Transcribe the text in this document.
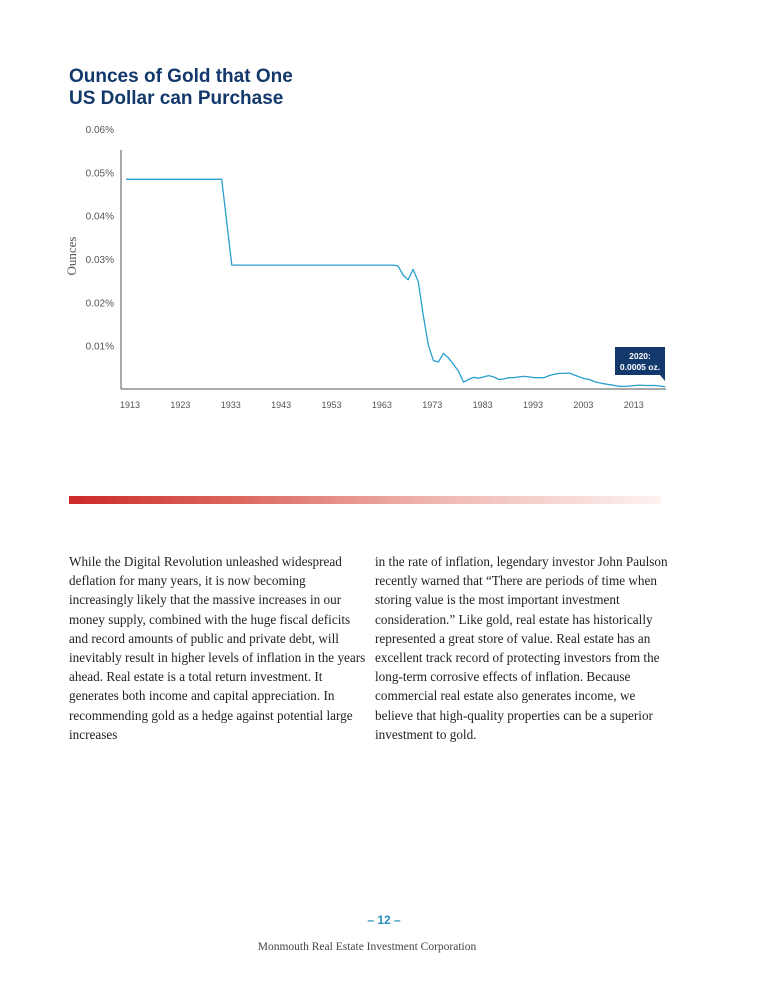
Ounces of Gold that One
US Dollar can Purchase
0.06%
0.05%
0.04%
0.03%
0.02%
0.01%
1913	1923	1933	1943	1953	1963	1973	1983	1993	2003	2013
Ounces
2020:
0.0005 oz.

While the Digital Revolution unleashed widespread deflation for many years, it is now becoming increasingly likely that the massive increases in our money supply, combined with the huge fiscal deficits and record amounts of public and private debt, will inevitably result in higher levels of inflation in the years ahead. Real estate is a total return investment. It generates both income and capital appreciation. In recommending gold as a hedge against potential large increases

in the rate of inflation, legendary investor John Paulson recently warned that “There are periods of time when storing value is the most important investment consideration.” Like gold, real estate has historically represented a great store of value. Real estate has an excellent track record of protecting investors from the long-term corrosive effects of inflation. Because commercial real estate also generates income, we believe that high-quality properties can be a superior investment to gold.

– 12 –
Monmouth Real Estate Investment Corporation
